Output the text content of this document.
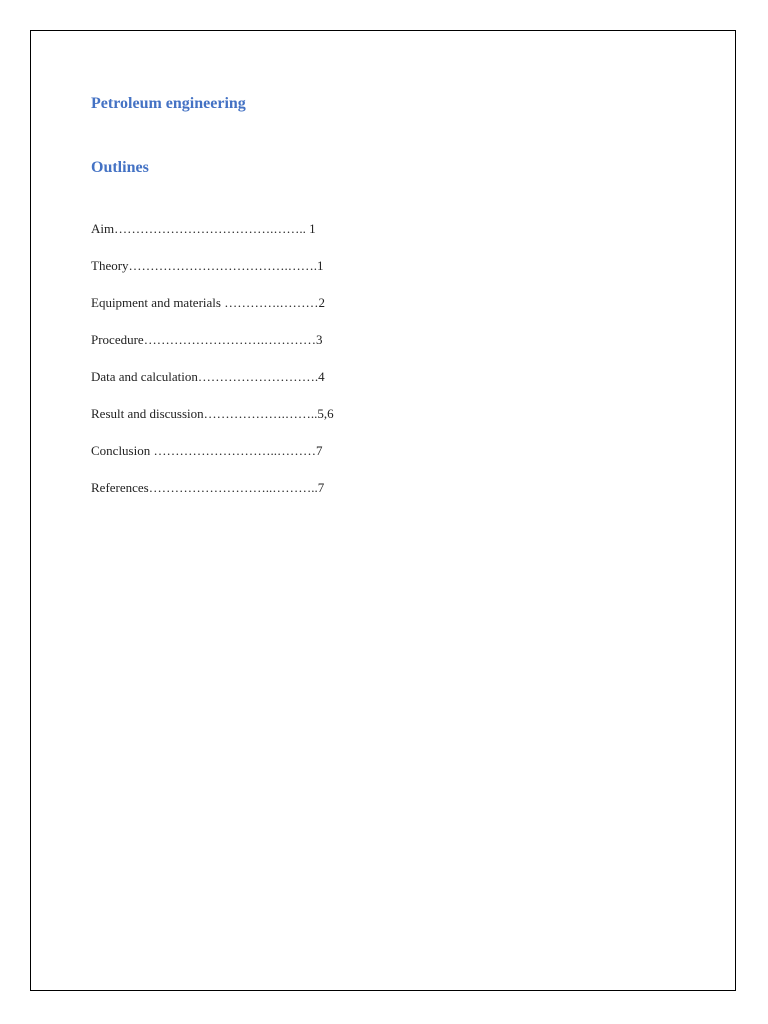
Petroleum engineering
Outlines
Aim……………………………….…….. 1
Theory……………………………….…….1
Equipment and materials ………….………2
Procedure……………………….…………3
Data and calculation……………………….4
Result and discussion……………….……..5,6
Conclusion ………………………..………7
References………………………..………..7
